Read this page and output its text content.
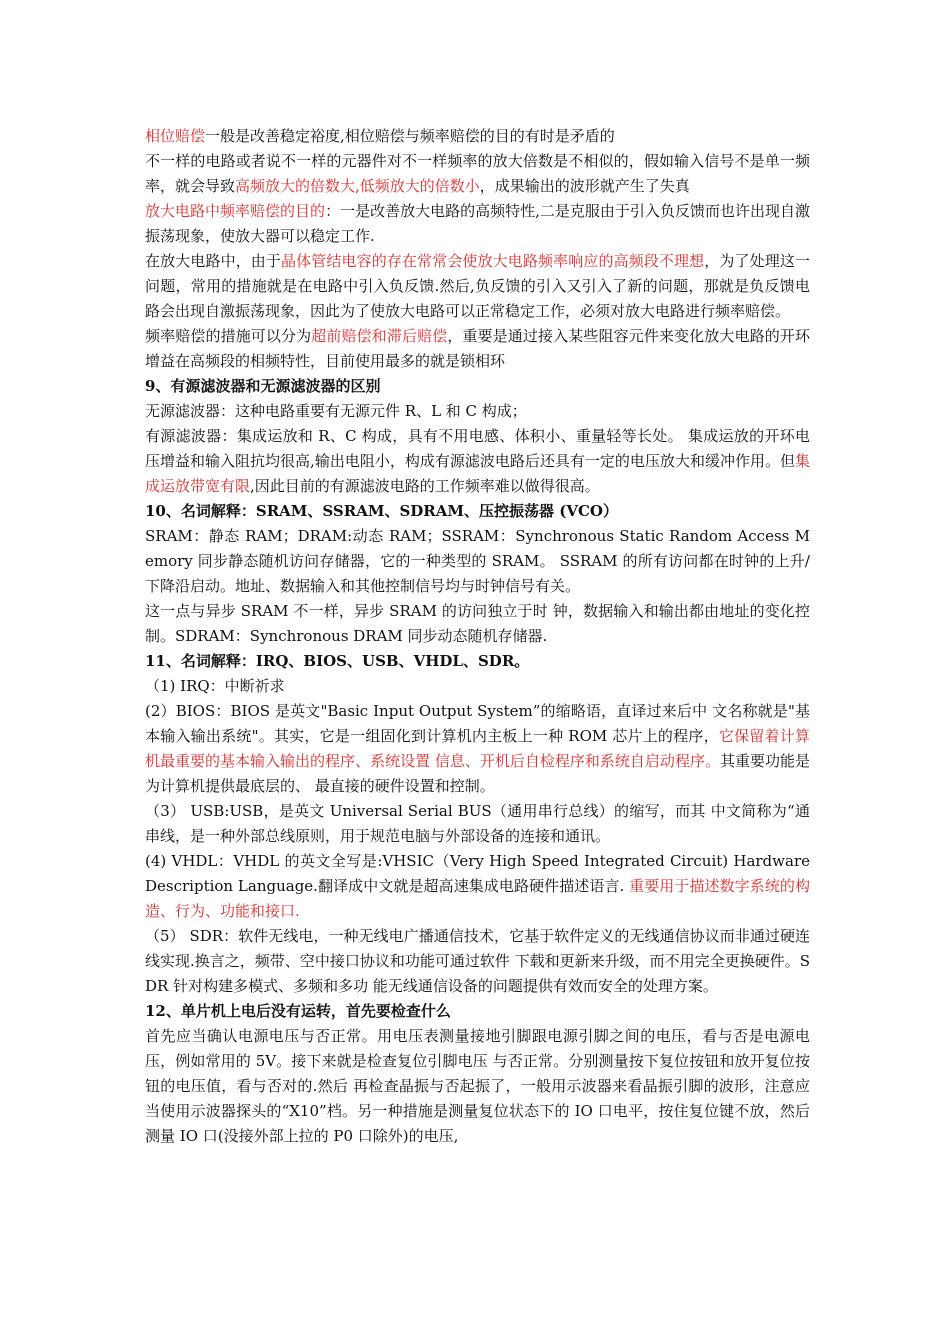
相位赔偿一般是改善稳定裕度,相位赔偿与频率赔偿的目的有时是矛盾的

不一样的电路或者说不一样的元器件对不一样频率的放大倍数是不相似的，假如输入信号不是单一频率，就会导致高频放大的倍数大,低频放大的倍数小，成果输出的波形就产生了失真

放大电路中频率赔偿的目的：一是改善放大电路的高频特性,二是克服由于引入负反馈而也许出现自激振荡现象，使放大器可以稳定工作.

在放大电路中，由于晶体管结电容的存在常常会使放大电路频率响应的高频段不理想，为了处理这一问题，常用的措施就是在电路中引入负反馈.然后,负反馈的引入又引入了新的问题，那就是负反馈电路会出现自激振荡现象，因此为了使放大电路可以正常稳定工作，必须对放大电路进行频率赔偿。

频率赔偿的措施可以分为超前赔偿和滞后赔偿，重要是通过接入某些阻容元件来变化放大电路的开环增益在高频段的相频特性，目前使用最多的就是锁相环

9、有源滤波器和无源滤波器的区别

无源滤波器：这种电路重要有无源元件 R、L 和 C 构成；

有源滤波器：集成运放和 R、C 构成，具有不用电感、体积小、重量轻等长处。 集成运放的开环电压增益和输入阻抗均很高,输出电阻小，构成有源滤波电路后还具有一定的电压放大和缓冲作用。但集成运放带宽有限,因此目前的有源滤波电路的工作频率难以做得很高。

10、名词解释：SRAM、SSRAM、SDRAM、压控振荡器 (VCO）

SRAM：静态 RAM；DRAM:动态 RAM；SSRAM：Synchronous Static Random Access Memory 同步静态随机访问存储器，它的一种类型的 SRAM。 SSRAM 的所有访问都在时钟的上升/下降沿启动。地址、数据输入和其他控制信号均与时钟信号有关。

这一点与异步 SRAM 不一样，异步 SRAM 的访问独立于时 钟，数据输入和输出都由地址的变化控制。SDRAM：Synchronous DRAM 同步动态随机存储器.

11、名词解释：IRQ、BIOS、USB、VHDL、SDR。

（1) IRQ：中断祈求

(2）BIOS：BIOS 是英文"Basic Input Output System”的缩略语，直译过来后中 文名称就是"基本输入输出系统"。其实，它是一组固化到计算机内主板上一种 ROM 芯片上的程序，它保留着计算机最重要的基本输入输出的程序、系统设置 信息、开机后自检程序和系统自启动程序。其重要功能是为计算机提供最底层的、 最直接的硬件设置和控制。

（3） USB:USB，是英文 Universal Serial BUS（通用串行总线）的缩写，而其 中文简称为“通串线，是一种外部总线原则，用于规范电脑与外部设备的连接和通讯。

(4) VHDL：VHDL 的英文全写是:VHSIC（Very High Speed Integrated Circuit) Hardware Description Language.翻译成中文就是超高速集成电路硬件描述语言. 重要用于描述数字系统的构造、行为、功能和接口.

（5） SDR：软件无线电，一种无线电广播通信技术，它基于软件定义的无线通信协议而非通过硬连线实现.换言之，频带、空中接口协议和功能可通过软件 下载和更新来升级，而不用完全更换硬件。SDR 针对构建多模式、多频和多功 能无线通信设备的问题提供有效而安全的处理方案。

12、单片机上电后没有运转，首先要检查什么

首先应当确认电源电压与否正常。用电压表测量接地引脚跟电源引脚之间的电压，看与否是电源电压，例如常用的 5V。接下来就是检查复位引脚电压 与否正常。分别测量按下复位按钮和放开复位按钮的电压值，看与否对的.然后 再检查晶振与否起振了，一般用示波器来看晶振引脚的波形，注意应当使用示波器探头的“X10”档。另一种措施是测量复位状态下的 IO 口电平，按住复位键不放，然后测量 IO 口(没接外部上拉的 P0 口除外)的电压,
